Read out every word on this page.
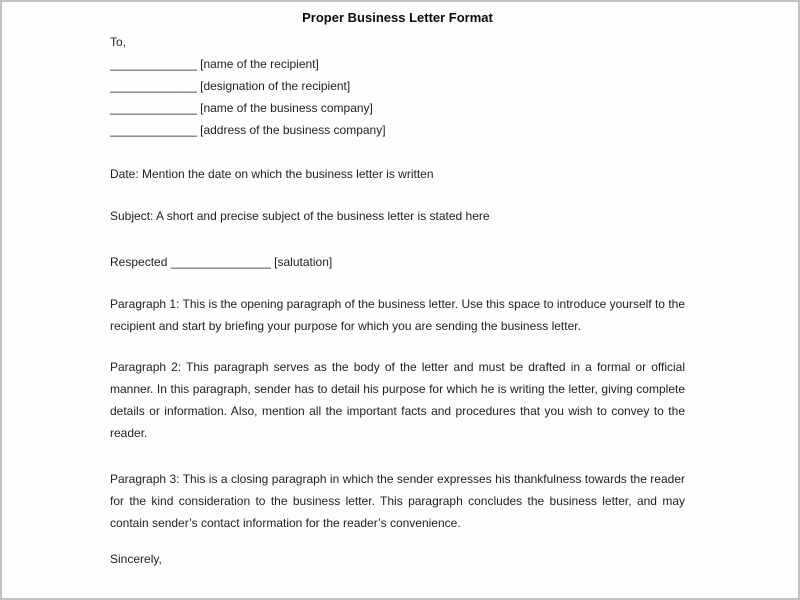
Proper Business Letter Format
To,
_____________ [name of the recipient]
_____________ [designation of the recipient]
_____________ [name of the business company]
_____________ [address of the business company]
Date: Mention the date on which the business letter is written
Subject: A short and precise subject of the business letter is stated here
Respected _______________ [salutation]

Paragraph 1: This is the opening paragraph of the business letter. Use this space to introduce yourself to the recipient and start by briefing your purpose for which you are sending the business letter.

Paragraph 2: This paragraph serves as the body of the letter and must be drafted in a formal or official manner. In this paragraph, sender has to detail his purpose for which he is writing the letter, giving complete details or information. Also, mention all the important facts and procedures that you wish to convey to the reader.

Paragraph 3: This is a closing paragraph in which the sender expresses his thankfulness towards the reader for the kind consideration to the business letter. This paragraph concludes the business letter, and may contain sender’s contact information for the reader’s convenience.

Sincerely,
